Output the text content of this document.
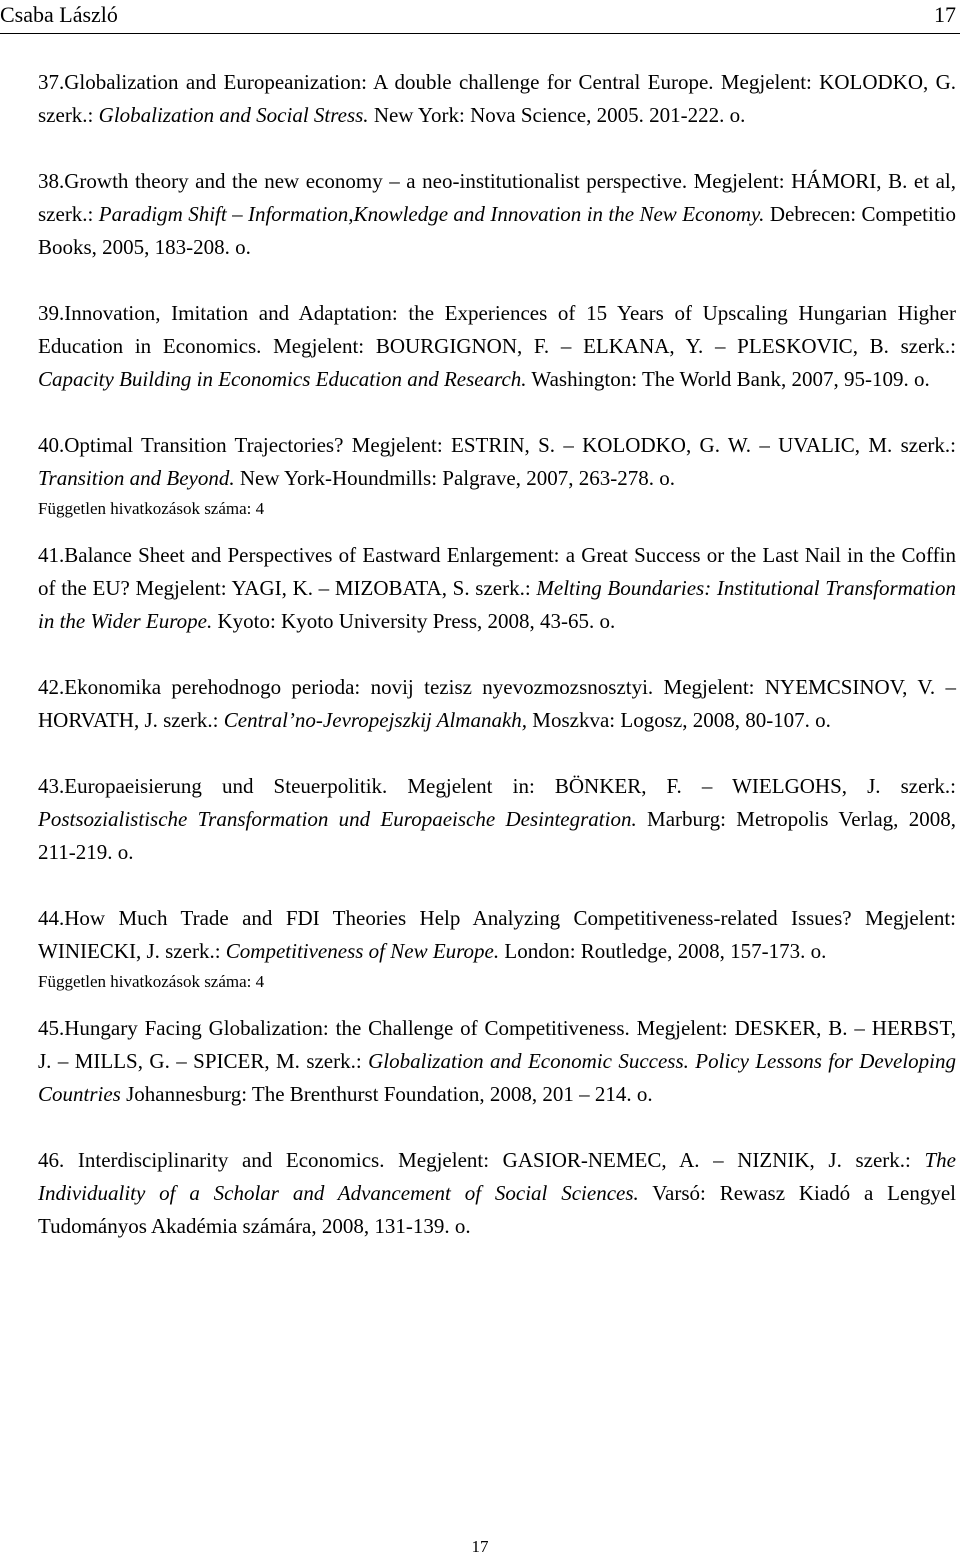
Csaba László	17

37.Globalization and Europeanization: A double challenge for Central Europe. Megjelent: KOLODKO, G. szerk.: Globalization and Social Stress. New York: Nova Science, 2005. 201-222. o.

38.Growth theory and the new economy – a neo-institutionalist perspective. Megjelent: HÁMORI, B. et al, szerk.: Paradigm Shift – Information,Knowledge and Innovation in the New Economy. Debrecen: Competitio Books, 2005, 183-208. o.

39.Innovation, Imitation and Adaptation: the Experiences of 15 Years of Upscaling Hungarian Higher Education in Economics. Megjelent: BOURGIGNON, F. – ELKANA, Y. – PLESKOVIC, B. szerk.: Capacity Building in Economics Education and Research. Washington: The World Bank, 2007, 95-109. o.

40.Optimal Transition Trajectories? Megjelent: ESTRIN, S. – KOLODKO, G. W. – UVALIC, M. szerk.: Transition and Beyond. New York-Houndmills: Palgrave, 2007, 263-278. o.

Független hivatkozások száma: 4

41.Balance Sheet and Perspectives of Eastward Enlargement: a Great Success or the Last Nail in the Coffin of the EU? Megjelent: YAGI, K. – MIZOBATA, S. szerk.: Melting Boundaries: Institutional Transformation in the Wider Europe. Kyoto: Kyoto University Press, 2008, 43-65. o.

42.Ekonomika perehodnogo perioda: novij tezisz nyevozmozsnosztyi. Megjelent: NYEMCSINOV, V. – HORVATH, J. szerk.: Central’no-Jevropejszkij Almanakh, Moszkva: Logosz, 2008, 80-107. o.

43.Europaeisierung und Steuerpolitik. Megjelent in: BÖNKER, F. – WIELGOHS, J. szerk.: Postsozialistische Transformation und Europaeische Desintegration. Marburg: Metropolis Verlag, 2008, 211-219. o.

44.How Much Trade and FDI Theories Help Analyzing Competitiveness-related Issues? Megjelent: WINIECKI, J. szerk.: Competitiveness of New Europe. London: Routledge, 2008, 157-173. o.

Független hivatkozások száma: 4

45.Hungary Facing Globalization: the Challenge of Competitiveness. Megjelent: DESKER, B. – HERBST, J. – MILLS, G. – SPICER, M. szerk.: Globalization and Economic Success. Policy Lessons for Developing Countries Johannesburg: The Brenthurst Foundation, 2008, 201 – 214. o.

46. Interdisciplinarity and Economics. Megjelent: GASIOR-NEMEC, A. – NIZNIK, J. szerk.: The Individuality of a Scholar and Advancement of Social Sciences. Varsó: Rewasz Kiadó a Lengyel Tudományos Akadémia számára, 2008, 131-139. o.

17
